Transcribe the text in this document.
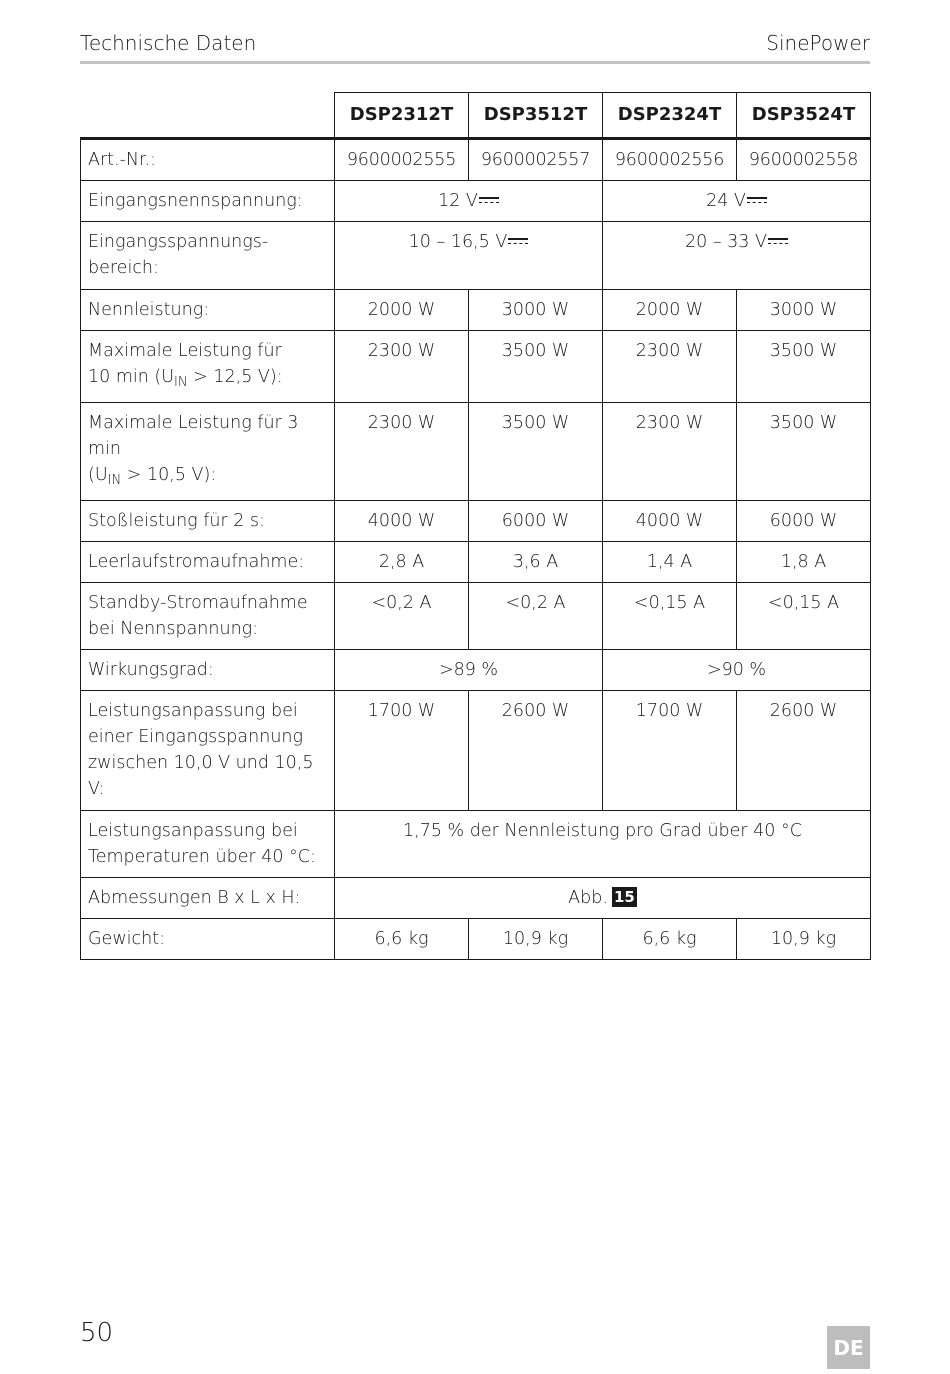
Technische Daten	SinePower
	DSP2312T	DSP3512T	DSP2324T	DSP3524T
Art.-Nr.:	9600002555	9600002557	9600002556	9600002558
Eingangsnennspannung:	12 V		24 V	

Eingangsspannungs-
bereich:	10 – 16,5 V		20 – 33 V	

Nennleistung:	2000 W	3000 W	2000 W	3000 W

Maximale Leistung für
10 $\min (U_{IN} > 12,5$ V):	2300 W	3500 W	2300 W	3500 W

Maximale Leistung für 3 min
($U_{IN} > 10,5$ V):	2300 W	3500 W	2300 W	3500 W
Stoßleistung für 2 s:	4000 W	6000 W	4000 W	6000 W
Leerlaufstromaufnahme:	2,8 A	3,6 A	1,4 A	1,8 A

Standby-Stromaufnahme
bei Nennspannung:	<0,2 A	<0,2 A	<0,15 A	<0,15 A
Wirkungsgrad:	>89 %		>90 %	

Leistungsanpassung bei
einer Eingangsspannung
zwischen 10,0 V und 10,5 V:	1700 W	2600 W	1700 W	2600 W

Leistungsanpassung bei
Temperaturen über 40 °C:	1,75 % der Nennleistung pro Grad über 40 °C			
Abmessungen B x L x H:	Abb. 15			
Gewicht:	6,6 kg	10,9 kg	6,6 kg	10,9 kg
50	DE
